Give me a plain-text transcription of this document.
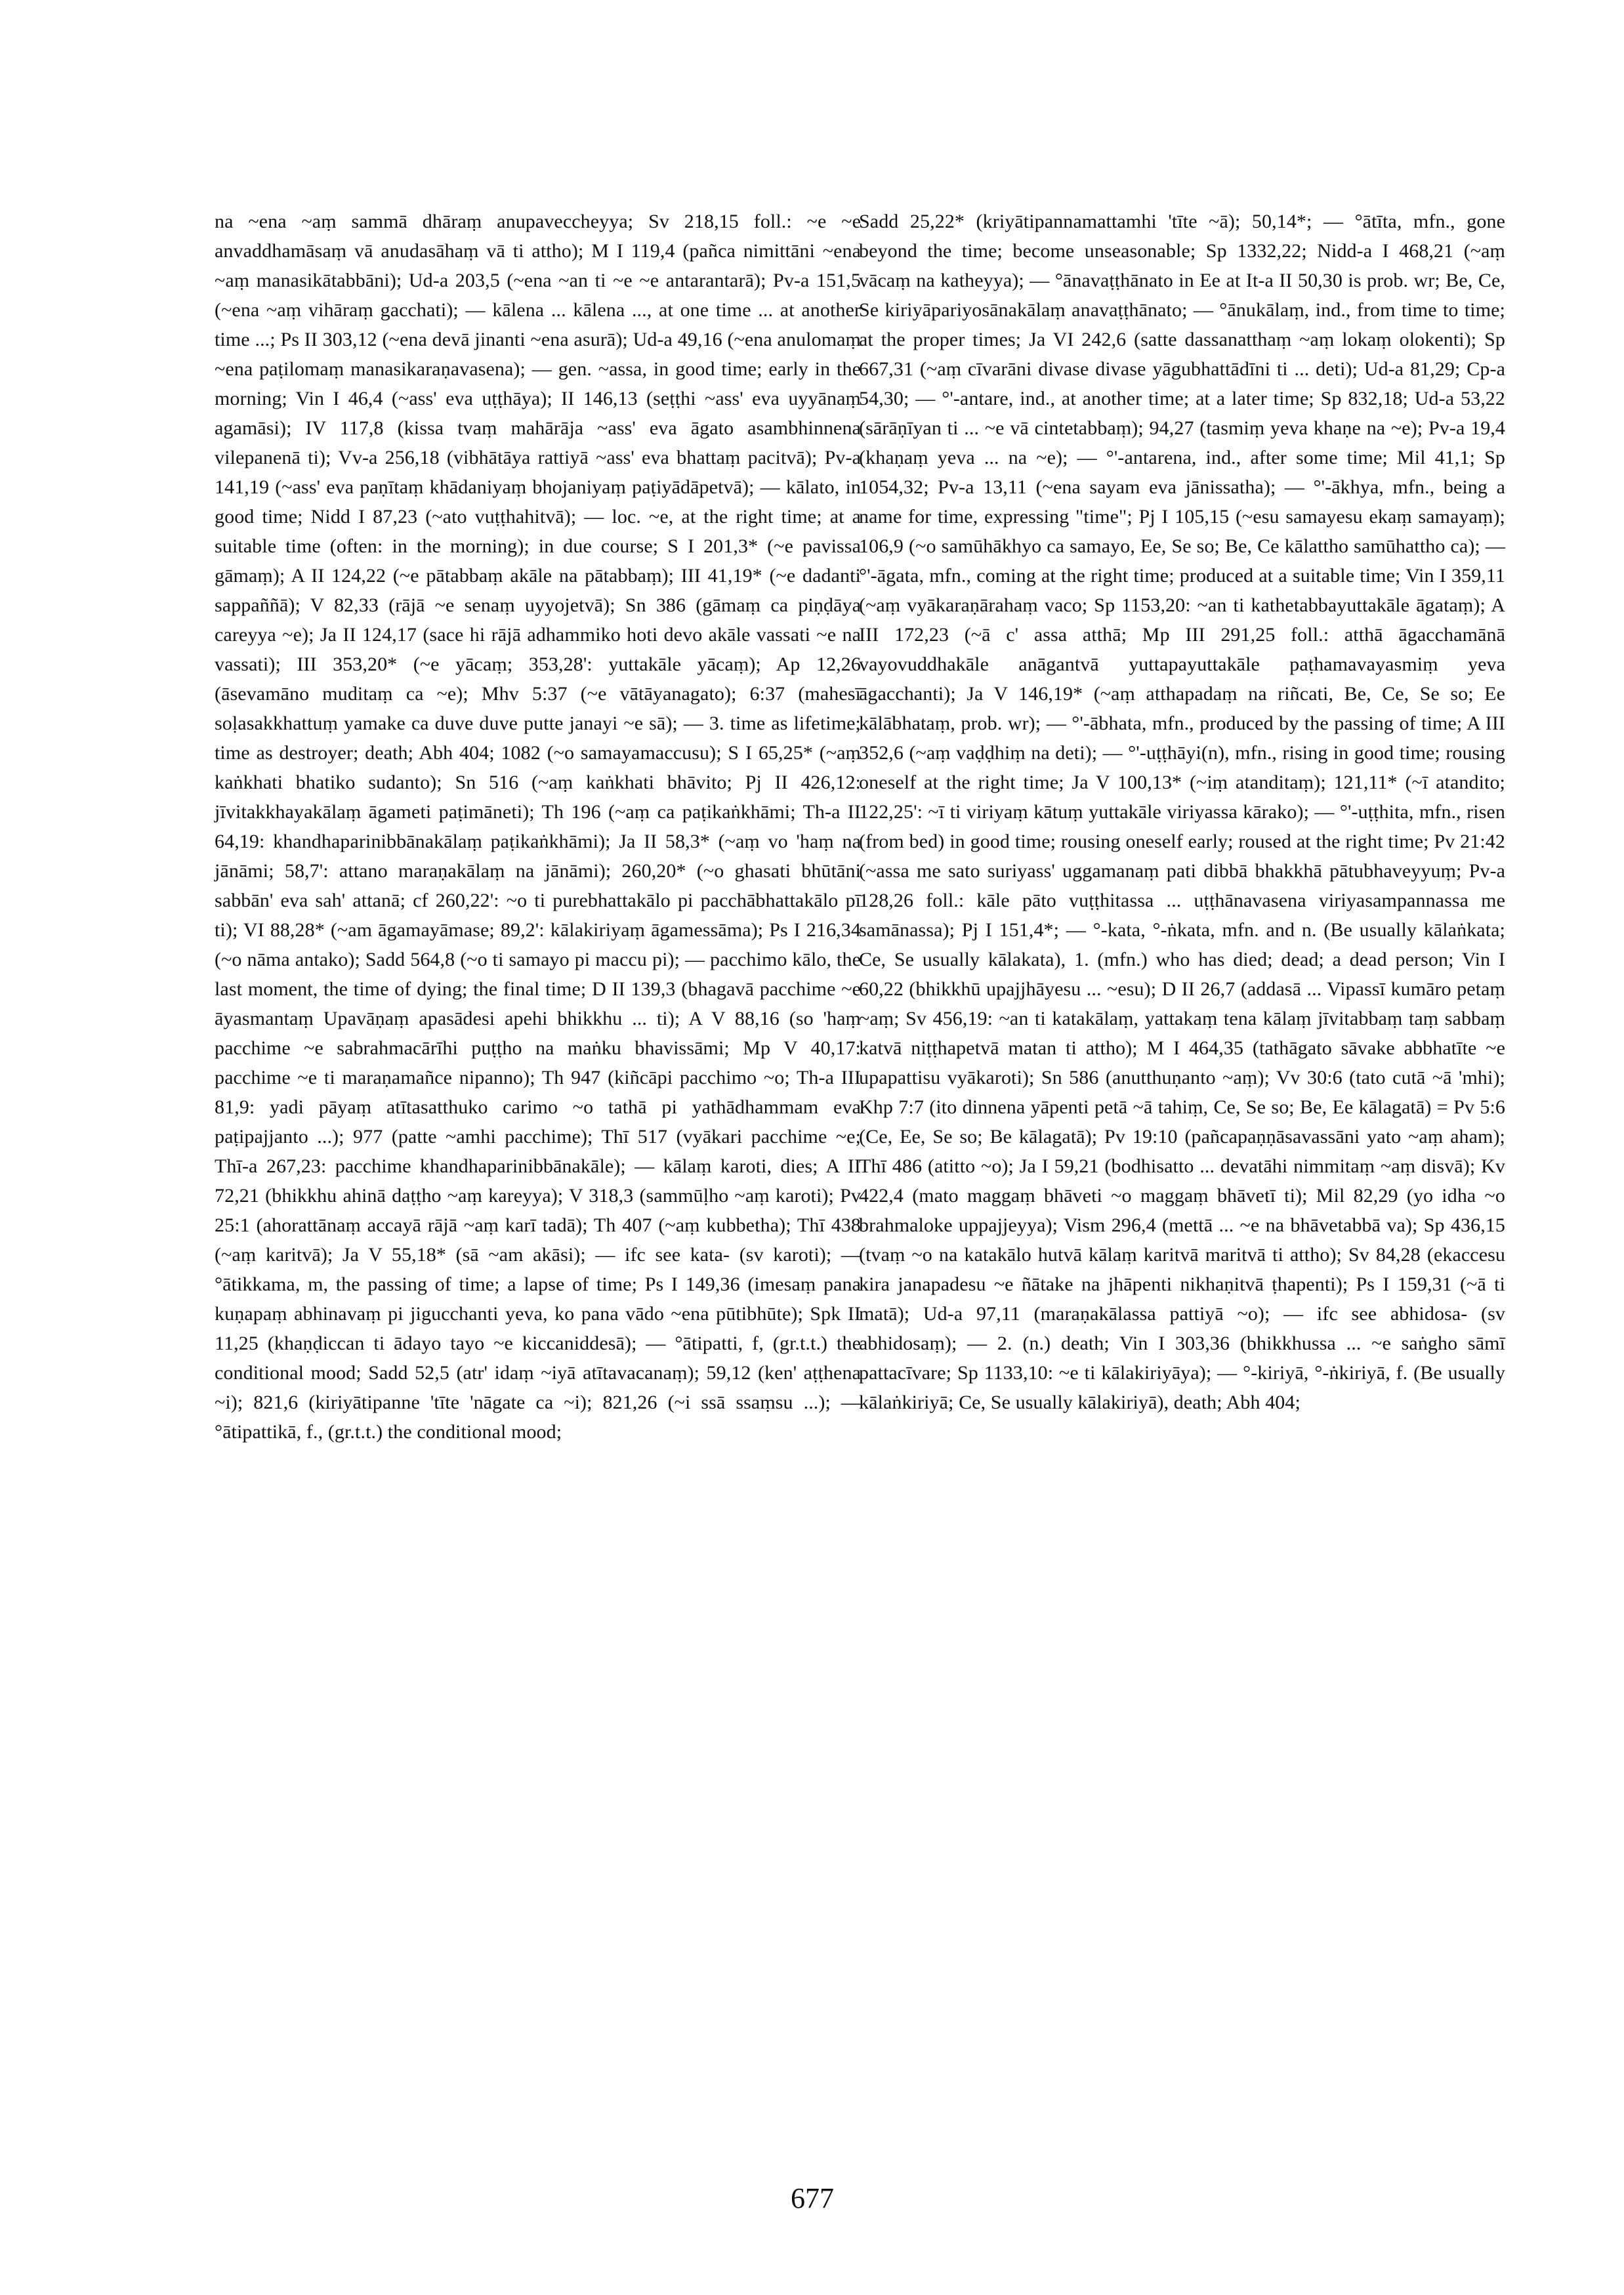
na ~ena ~aṃ sammā dhāraṃ anupaveccheyya; Sv 218,15 foll.: ~e ~e anvaddhamāsaṃ vā anudasāhaṃ vā ti attho); M I 119,4 (pañca nimittāni ~ena ~aṃ manasikātabbāni); Ud-a 203,5 (~ena ~an ti ~e ~e antarantarā); Pv-a 151,5 (~ena ~aṃ vihāraṃ gacchati); — kālena ... kālena ..., at one time ... at another time ...; Ps II 303,12 (~ena devā jinanti ~ena asurā); Ud-a 49,16 (~ena anulomaṃ ~ena paṭilomaṃ manasikaraṇavasena); — gen. ~assa, in good time; early in the morning; Vin I 46,4 (~ass' eva uṭṭhāya); II 146,13 (seṭṭhi ~ass' eva uyyānaṃ agamāsi); IV 117,8 (kissa tvaṃ mahārāja ~ass' eva āgato asambhinnena vilepanenā ti); Vv-a 256,18 (vibhātāya rattiyā ~ass' eva bhattaṃ pacitvā); Pv-a 141,19 (~ass' eva paṇītaṃ khādaniyaṃ bhojaniyaṃ paṭiyādāpetvā); — kālato, in good time; Nidd I 87,23 (~ato vuṭṭhahitvā); — loc. ~e, at the right time; at a suitable time (often: in the morning); in due course; S I 201,3* (~e pavissa gāmaṃ); A II 124,22 (~e pātabbaṃ akāle na pātabbaṃ); III 41,19* (~e dadanti sappaññā); V 82,33 (rājā ~e senaṃ uyyojetvā); Sn 386 (gāmaṃ ca piṇḍāya careyya ~e); Ja II 124,17 (sace hi rājā adhammiko hoti devo akāle vassati ~e na vassati); III 353,20* (~e yācaṃ; 353,28': yuttakāle yācaṃ); Ap 12,26 (āsevamāno muditaṃ ca ~e); Mhv 5:37 (~e vātāyanagato); 6:37 (mahesī soḷasakkhattuṃ yamake ca duve duve putte janayi ~e sā); — 3. time as lifetime; time as destroyer; death; Abh 404; 1082 (~o samayamaccusu); S I 65,25* (~aṃ kaṅkhati bhatiko sudanto); Sn 516 (~aṃ kaṅkhati bhāvito; Pj II 426,12: jīvitakkhayakālaṃ āgameti paṭimāneti); Th 196 (~aṃ ca paṭikaṅkhāmi; Th-a II 64,19: khandhaparinibbānakālaṃ paṭikaṅkhāmi); Ja II 58,3* (~aṃ vo 'haṃ na jānāmi; 58,7': attano maraṇakālaṃ na jānāmi); 260,20* (~o ghasati bhūtāni sabbān' eva sah' attanā; cf 260,22': ~o ti purebhattakālo pi pacchābhattakālo pī ti); VI 88,28* (~am āgamayāmase; 89,2': kālakiriyaṃ āgamessāma); Ps I 216,34 (~o nāma antako); Sadd 564,8 (~o ti samayo pi maccu pi); — pacchimo kālo, the last moment, the time of dying; the final time; D II 139,3 (bhagavā pacchime ~e āyasmantaṃ Upavāṇaṃ apasādesi apehi bhikkhu ... ti); A V 88,16 (so 'haṃ pacchime ~e sabrahmacārīhi puṭṭho na maṅku bhavissāmi; Mp V 40,17: pacchime ~e ti maraṇamañce nipanno); Th 947 (kiñcāpi pacchimo ~o; Th-a III 81,9: yadi pāyaṃ atītasatthuko carimo ~o tathā pi yathādhammam eva paṭipajjanto ...); 977 (patte ~amhi pacchime); Thī 517 (vyākari pacchime ~e; Thī-a 267,23: pacchime khandhaparinibbānakāle); — kālaṃ karoti, dies; A II 72,21 (bhikkhu ahinā daṭṭho ~aṃ kareyya); V 318,3 (sammūḷho ~aṃ karoti); Pv 25:1 (ahorattānaṃ accayā rājā ~aṃ karī tadā); Th 407 (~aṃ kubbetha); Thī 438 (~aṃ karitvā); Ja V 55,18* (sā ~am akāsi); — ifc see kata- (sv karoti); — °ātikkama, m, the passing of time; a lapse of time; Ps I 149,36 (imesaṃ pana kuṇapaṃ abhinavaṃ pi jigucchanti yeva, ko pana vādo ~ena pūtibhūte); Spk II 11,25 (khaṇḍiccan ti ādayo tayo ~e kiccaniddesā); — °ātipatti, f, (gr.t.t.) the conditional mood; Sadd 52,5 (atr' idaṃ ~iyā atītavacanaṃ); 59,12 (ken' aṭṭhena ~i); 821,6 (kiriyātipanne 'tīte 'nāgate ca ~i); 821,26 (~i ssā ssaṃsu ...); — °ātipattikā, f., (gr.t.t.) the conditional mood;

Sadd 25,22* (kriyātipannamattamhi 'tīte ~ā); 50,14*; — °ātīta, mfn., gone beyond the time; become unseasonable; Sp 1332,22; Nidd-a I 468,21 (~aṃ vācaṃ na katheyya); — °ānavaṭṭhānato in Ee at It-a II 50,30 is prob. wr; Be, Ce, Se kiriyāpariyosānakālaṃ anavaṭṭhānato; — °ānukālaṃ, ind., from time to time; at the proper times; Ja VI 242,6 (satte dassanatthaṃ ~aṃ lokaṃ olokenti); Sp 667,31 (~aṃ cīvarāni divase divase yāgubhattādīni ti ... deti); Ud-a 81,29; Cp-a 54,30; — °'-antare, ind., at another time; at a later time; Sp 832,18; Ud-a 53,22 (sārāṇīyan ti ... ~e vā cintetabbaṃ); 94,27 (tasmiṃ yeva khaṇe na ~e); Pv-a 19,4 (khaṇaṃ yeva ... na ~e); — °'-antarena, ind., after some time; Mil 41,1; Sp 1054,32; Pv-a 13,11 (~ena sayam eva jānissatha); — °'-ākhya, mfn., being a name for time, expressing "time"; Pj I 105,15 (~esu samayesu ekaṃ samayaṃ); 106,9 (~o samūhākhyo ca samayo, Ee, Se so; Be, Ce kālattho samūhattho ca); — °'-āgata, mfn., coming at the right time; produced at a suitable time; Vin I 359,11 (~aṃ vyākaraṇārahaṃ vaco; Sp 1153,20: ~an ti kathetabbayuttakāle āgataṃ); A III 172,23 (~ā c' assa atthā; Mp III 291,25 foll.: atthā āgacchamānā vayovuddhakāle anāgantvā yuttapayuttakāle paṭhamavayasmiṃ yeva āgacchanti); Ja V 146,19* (~aṃ atthapadaṃ na riñcati, Be, Ce, Se so; Ee kālābhataṃ, prob. wr); — °'-ābhata, mfn., produced by the passing of time; A III 352,6 (~aṃ vaḍḍhiṃ na deti); — °'-uṭṭhāyi(n), mfn., rising in good time; rousing oneself at the right time; Ja V 100,13* (~iṃ atanditaṃ); 121,11* (~ī atandito; 122,25': ~ī ti viriyaṃ kātuṃ yuttakāle viriyassa kārako); — °'-uṭṭhita, mfn., risen (from bed) in good time; rousing oneself early; roused at the right time; Pv 21:42 (~assa me sato suriyass' uggamanaṃ pati dibbā bhakkhā pātubhaveyyuṃ; Pv-a 128,26 foll.: kāle pāto vuṭṭhitassa ... uṭṭhānavasena viriyasampannassa me samānassa); Pj I 151,4*; — °-kata, °-ṅkata, mfn. and n. (Be usually kālaṅkata; Ce, Se usually kālakata), 1. (mfn.) who has died; dead; a dead person; Vin I 60,22 (bhikkhū upajjhāyesu ... ~esu); D II 26,7 (addasā ... Vipassī kumāro petaṃ ~aṃ; Sv 456,19: ~an ti katakālaṃ, yattakaṃ tena kālaṃ jīvitabbaṃ taṃ sabbaṃ katvā niṭṭhapetvā matan ti attho); M I 464,35 (tathāgato sāvake abbhatīte ~e upapattisu vyākaroti); Sn 586 (anutthuṇanto ~aṃ); Vv 30:6 (tato cutā ~ā 'mhi); Khp 7:7 (ito dinnena yāpenti petā ~ā tahiṃ, Ce, Se so; Be, Ee kālagatā) = Pv 5:6 (Ce, Ee, Se so; Be kālagatā); Pv 19:10 (pañcapaṇṇāsavassāni yato ~aṃ aham); Thī 486 (atitto ~o); Ja I 59,21 (bodhisatto ... devatāhi nimmitaṃ ~aṃ disvā); Kv 422,4 (mato maggaṃ bhāveti ~o maggaṃ bhāvetī ti); Mil 82,29 (yo idha ~o brahmaloke uppajjeyya); Vism 296,4 (mettā ... ~e na bhāvetabbā va); Sp 436,15 (tvaṃ ~o na katakālo hutvā kālaṃ karitvā maritvā ti attho); Sv 84,28 (ekaccesu kira janapadesu ~e ñātake na jhāpenti nikhaṇitvā ṭhapenti); Ps I 159,31 (~ā ti matā); Ud-a 97,11 (maraṇakālassa pattiyā ~o); — ifc see abhidosa- (sv abhidosaṃ); — 2. (n.) death; Vin I 303,36 (bhikkhussa ... ~e saṅgho sāmī pattacīvare; Sp 1133,10: ~e ti kālakiriyāya); — °-kiriyā, °-ṅkiriyā, f. (Be usually kālaṅkiriyā; Ce, Se usually kālakiriyā), death; Abh 404;

677
